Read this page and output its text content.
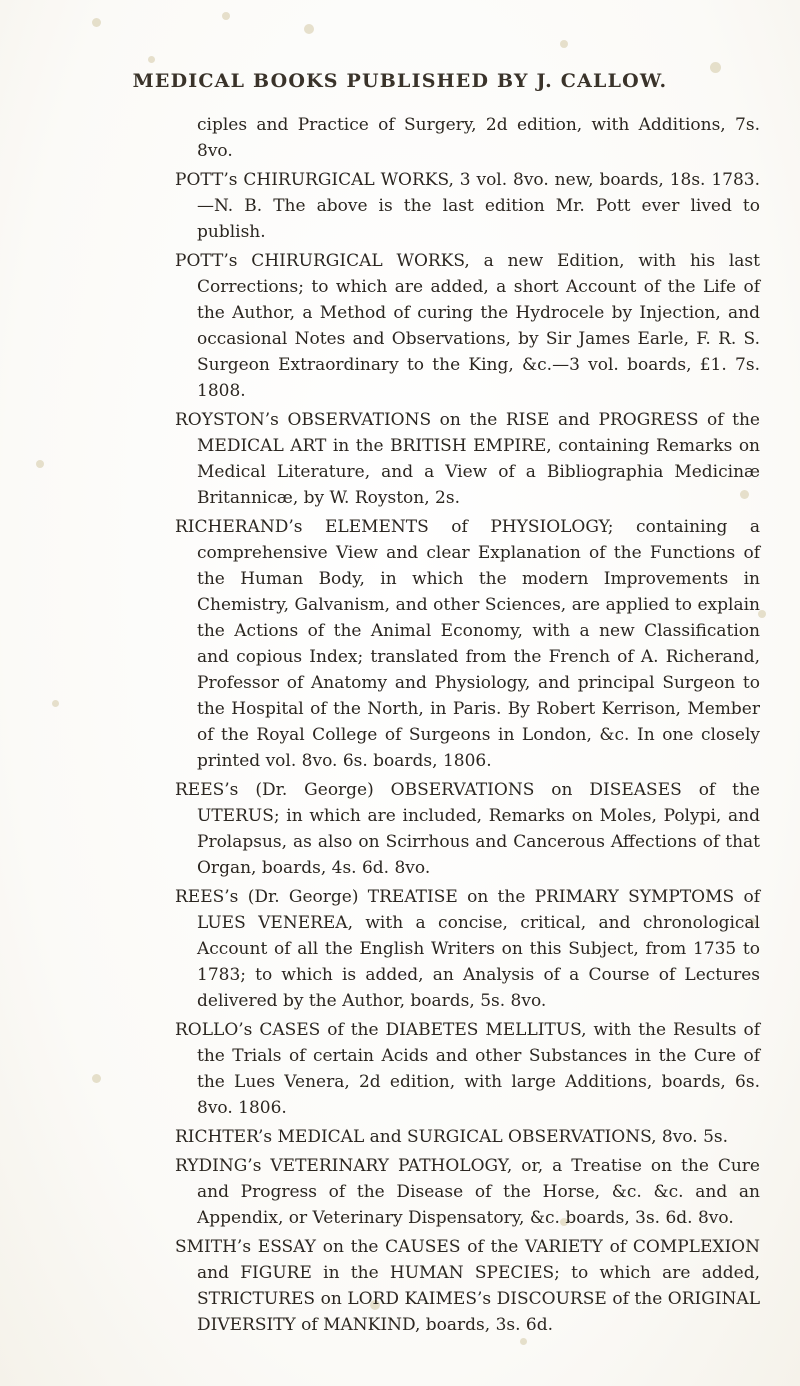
MEDICAL BOOKS PUBLISHED BY J. CALLOW.

ciples and Practice of Surgery, 2d edition, with Additions, 7s. 8vo.

POTT’s CHIRURGICAL WORKS, 3 vol. 8vo. new, boards, 18s. 1783.—N. B. The above is the last edition Mr. Pott ever lived to publish.

POTT’s CHIRURGICAL WORKS, a new Edition, with his last Corrections; to which are added, a short Account of the Life of the Author, a Method of curing the Hydrocele by Injection, and occasional Notes and Observations, by Sir James Earle, F. R. S. Surgeon Extraordinary to the King, &c.—3 vol. boards, £1. 7s. 1808.

ROYSTON’s OBSERVATIONS on the RISE and PROGRESS of the MEDICAL ART in the BRITISH EMPIRE, containing Remarks on Medical Literature, and a View of a Bibliographia Medicinæ Britannicæ, by W. Royston, 2s.

RICHERAND’s ELEMENTS of PHYSIOLOGY; containing a comprehensive View and clear Explanation of the Functions of the Human Body, in which the modern Improvements in Chemistry, Galvanism, and other Sciences, are applied to explain the Actions of the Animal Economy, with a new Classification and copious Index; translated from the French of A. Richerand, Professor of Anatomy and Physiology, and principal Surgeon to the Hospital of the North, in Paris. By Robert Kerrison, Member of the Royal College of Surgeons in London, &c. In one closely printed vol. 8vo. 6s. boards, 1806.

REES’s (Dr. George) OBSERVATIONS on DISEASES of the UTERUS; in which are included, Remarks on Moles, Polypi, and Prolapsus, as also on Scirrhous and Cancerous Affections of that Organ, boards, 4s. 6d. 8vo.

REES’s (Dr. George) TREATISE on the PRIMARY SYMPTOMS of LUES VENEREA, with a concise, critical, and chronological Account of all the English Writers on this Subject, from 1735 to 1783; to which is added, an Analysis of a Course of Lectures delivered by the Author, boards, 5s. 8vo.

ROLLO’s CASES of the DIABETES MELLITUS, with the Results of the Trials of certain Acids and other Substances in the Cure of the Lues Venera, 2d edition, with large Additions, boards, 6s. 8vo. 1806.

RICHTER’s MEDICAL and SURGICAL OBSERVATIONS, 8vo. 5s.

RYDING’s VETERINARY PATHOLOGY, or, a Treatise on the Cure and Progress of the Disease of the Horse, &c. &c. and an Appendix, or Veterinary Dispensatory, &c. boards, 3s. 6d. 8vo.

SMITH’s ESSAY on the CAUSES of the VARIETY of COMPLEXION and FIGURE in the HUMAN SPECIES; to which are added, STRICTURES on LORD KAIMES’s DISCOURSE of the ORIGINAL DIVERSITY of MANKIND, boards, 3s. 6d.
